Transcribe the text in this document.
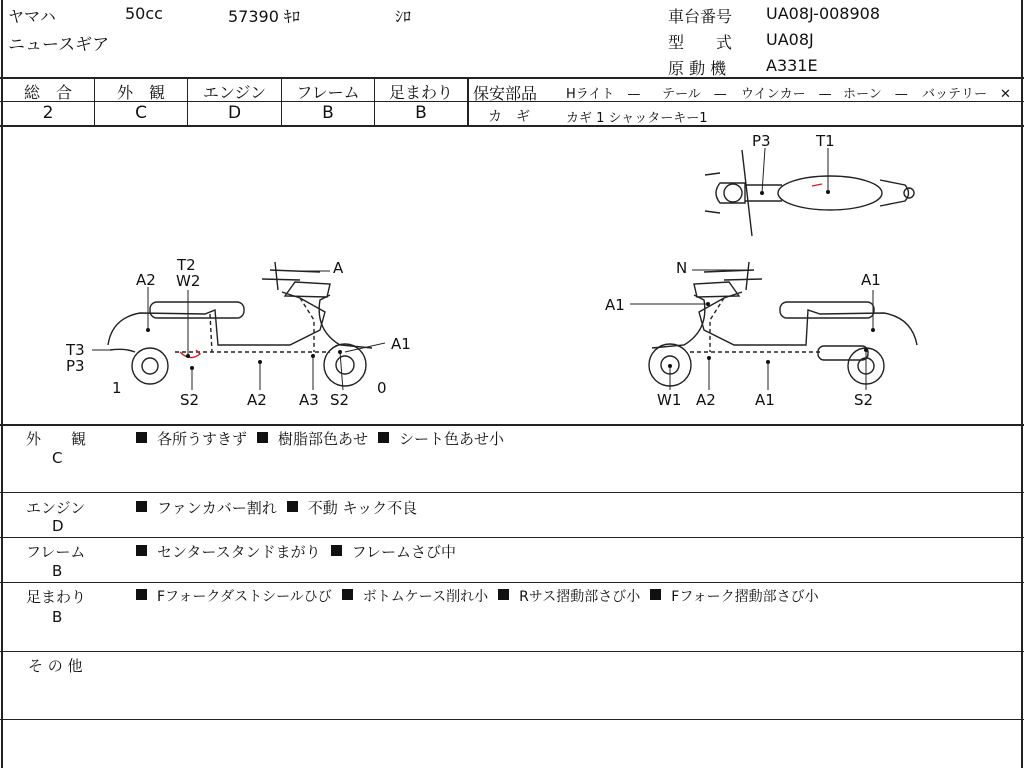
ヤマハ	50cc	57390 ｷﾛ	ｼﾛ
ニュースギア
車台番号 UA08J-008908
型　　式 UA08J
原 動 機 A331E
総　合	外　観	エンジン	フレーム	足まわり
2	C	D	B	B
保安部品 Hライト　— テール　— ウインカー　— ホーン　— バッテリー　✕
カ　ギ	カギ 1 シャッターキー1
A2
T2
W2
A
T3
P3
A1
1
S2	A2 A3 S2
0
N
A1
A1
W1 A2	A1	S2
P3	T1
外　　観
C
各所うすきず 樹脂部色あせ シート色あせ小
エンジン
D
ファンカバー割れ 不動 キック不良
フレーム
B
センタースタンドまがり フレームさび中
足まわり
B
Fフォークダストシールひび ボトムケース削れ小 Rサス摺動部さび小 Fフォーク摺動部さび小
そ の 他
